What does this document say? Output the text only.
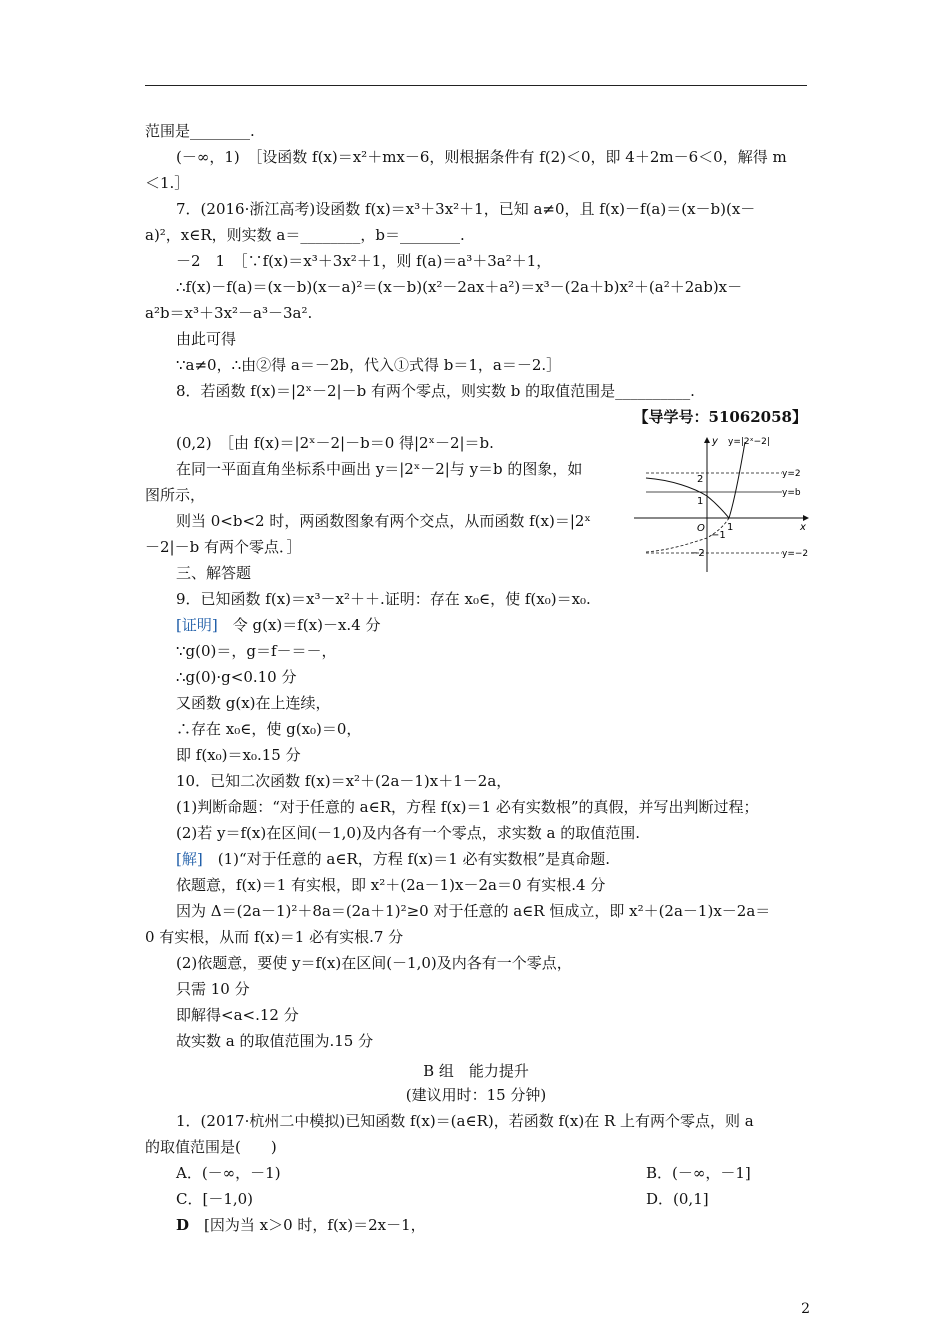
范围是________.
(－∞，1)　［设函数 f(x)＝x²＋mx－6，则根据条件有 f(2)＜0，即 4＋2m－6＜0，解得 m
＜1.］
7．(2016·浙江高考)设函数 f(x)＝x³＋3x²＋1，已知 a≠0，且 f(x)－f(a)＝(x－b)(x－
a)²，x∈R，则实数 a＝________，b＝________.
－2　1　［∵f(x)＝x³＋3x²＋1，则 f(a)＝a³＋3a²＋1，
∴f(x)－f(a)＝(x－b)(x－a)²＝(x－b)(x²－2ax＋a²)＝x³－(2a＋b)x²＋(a²＋2ab)x－
a²b＝x³＋3x²－a³－3a².
由此可得
∵a≠0，∴由②得 a＝－2b，代入①式得 b＝1，a＝－2.］
8．若函数 f(x)＝|2ˣ－2|－b 有两个零点，则实数 b 的取值范围是__________.
【导学号：51062058】
(0,2)　［由 f(x)＝|2ˣ－2|－b＝0 得|2ˣ－2|＝b.
在同一平面直角坐标系中画出 y＝|2ˣ－2|与 y＝b 的图象，如
图所示，
则当 0<b<2 时，两函数图象有两个交点，从而函数 f(x)＝|2ˣ
－2|－b 有两个零点．］
三、解答题
9．已知函数 f(x)＝x³－x²＋＋.证明：存在 x₀∈，使 f(x₀)＝x₀.
[证明]　令 g(x)＝f(x)－x.4 分
∵g(0)＝，g＝f－＝－，
∴g(0)·g<0.10 分
又函数 g(x)在上连续，
∴存在 x₀∈，使 g(x₀)＝0，
即 f(x₀)＝x₀.15 分
10．已知二次函数 f(x)＝x²＋(2a－1)x＋1－2a，
(1)判断命题：“对于任意的 a∈R，方程 f(x)＝1 必有实数根”的真假，并写出判断过程；
(2)若 y＝f(x)在区间(－1,0)及内各有一个零点，求实数 a 的取值范围.
[解]　(1)“对于任意的 a∈R，方程 f(x)＝1 必有实数根”是真命题.
依题意，f(x)＝1 有实根，即 x²＋(2a－1)x－2a＝0 有实根.4 分
因为 Δ＝(2a－1)²＋8a＝(2a＋1)²≥0 对于任意的 a∈R 恒成立，即 x²＋(2a－1)x－2a＝
0 有实根，从而 f(x)＝1 必有实根.7 分
(2)依题意，要使 y＝f(x)在区间(－1,0)及内各有一个零点，
只需 10 分
即解得<a<.12 分
故实数 a 的取值范围为.15 分
B 组　能力提升
(建议用时：15 分钟)
1．(2017·杭州二中模拟)已知函数 f(x)＝(a∈R)，若函数 f(x)在 R 上有两个零点，则 a
的取值范围是(　　)
A．(－∞，－1)	B．(－∞，－1]
C．[－1,0)	D．(0,1]
D　[因为当 x＞0 时，f(x)＝2x－1，
y
x
O
y=|2ˣ−2|
y=2
y=b
y=−2
2
1
−1
−2
1
2
